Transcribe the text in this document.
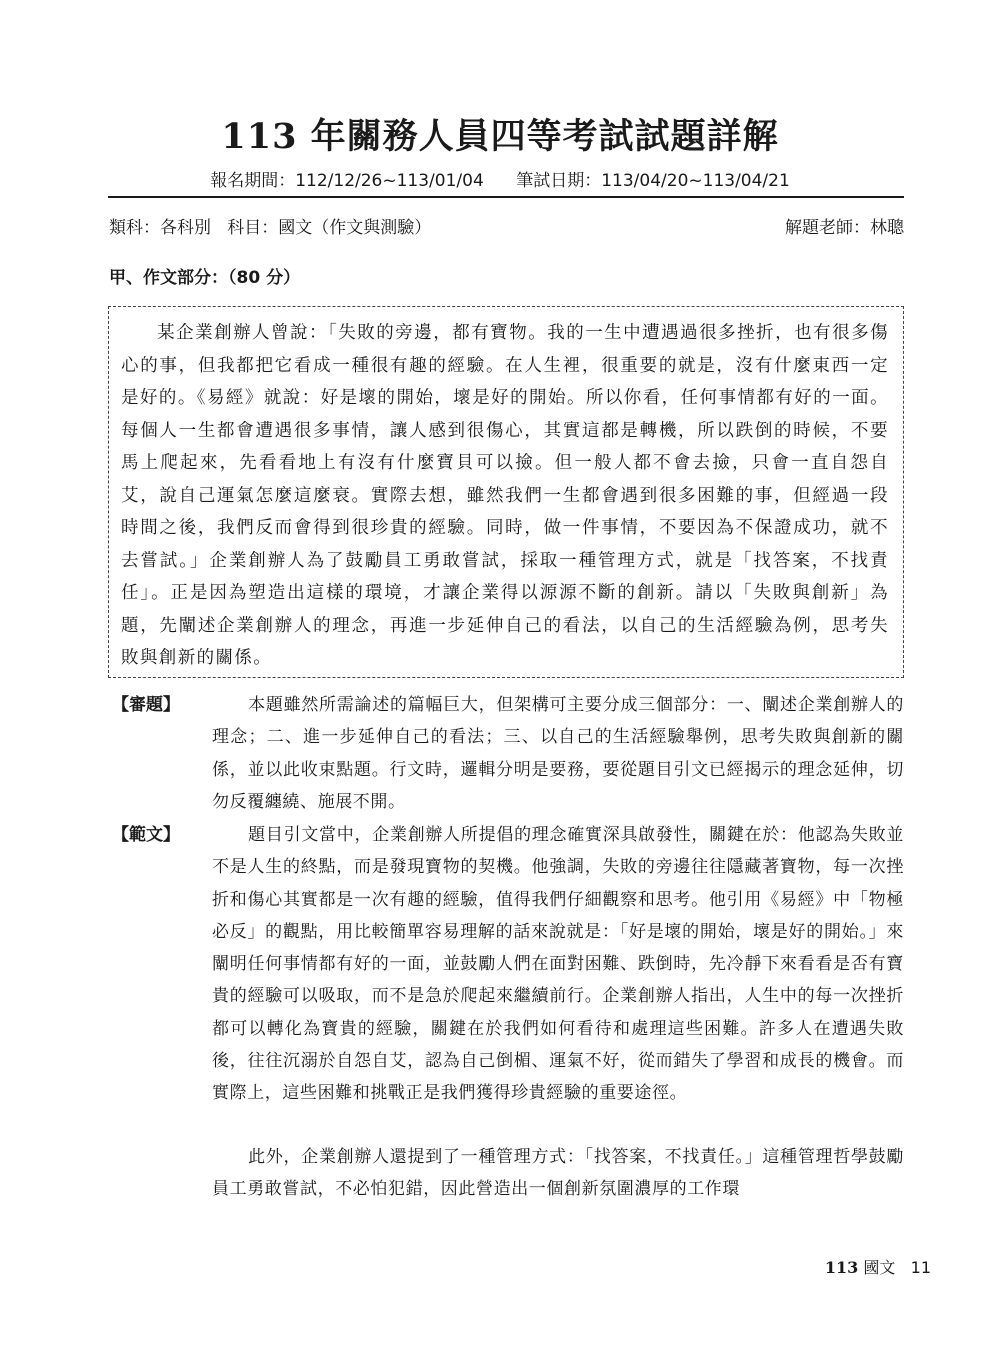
113 年關務人員四等考試試題詳解
報名期間：112/12/26~113/01/04 筆試日期：113/04/20~113/04/21
類科：各科別 科目：國文（作文與測驗）	解題老師：林聰
甲、作文部分：（80 分）
某企業創辦人曾說：「失敗的旁邊，都有寶物。我的一生中遭遇過很多挫折，也有很多傷心的事，但我都把它看成一種很有趣的經驗。在人生裡，很重要的就是，沒有什麼東西一定是好的。《易經》就說：好是壞的開始，壞是好的開始。所以你看，任何事情都有好的一面。每個人一生都會遭遇很多事情，讓人感到很傷心，其實這都是轉機，所以跌倒的時候，不要馬上爬起來，先看看地上有沒有什麼寶貝可以撿。但一般人都不會去撿，只會一直自怨自艾，說自己運氣怎麼這麼衰。實際去想，雖然我們一生都會遇到很多困難的事，但經過一段時間之後，我們反而會得到很珍貴的經驗。同時，做一件事情，不要因為不保證成功，就不去嘗試。」企業創辦人為了鼓勵員工勇敢嘗試，採取一種管理方式，就是「找答案，不找責任」。正是因為塑造出這樣的環境，才讓企業得以源源不斷的創新。請以「失敗與創新」為題，先闡述企業創辦人的理念，再進一步延伸自己的看法，以自己的生活經驗為例，思考失敗與創新的關係。
【審題】	本題雖然所需論述的篇幅巨大，但架構可主要分成三個部分：一、闡述企業創辦人的理念；二、進一步延伸自己的看法；三、以自己的生活經驗舉例，思考失敗與創新的關係，並以此收束點題。行文時，邏輯分明是要務，要從題目引文已經揭示的理念延伸，切勿反覆纏繞、施展不開。
【範文】	題目引文當中，企業創辦人所提倡的理念確實深具啟發性，關鍵在於：他認為失敗並不是人生的終點，而是發現寶物的契機。他強調，失敗的旁邊往往隱藏著寶物，每一次挫折和傷心其實都是一次有趣的經驗，值得我們仔細觀察和思考。他引用《易經》中「物極必反」的觀點，用比較簡單容易理解的話來說就是：「好是壞的開始，壞是好的開始。」來闡明任何事情都有好的一面，並鼓勵人們在面對困難、跌倒時，先冷靜下來看看是否有寶貴的經驗可以吸取，而不是急於爬起來繼續前行。企業創辦人指出，人生中的每一次挫折都可以轉化為寶貴的經驗，關鍵在於我們如何看待和處理這些困難。許多人在遭遇失敗後，往往沉溺於自怨自艾，認為自己倒楣、運氣不好，從而錯失了學習和成長的機會。而實際上，這些困難和挑戰正是我們獲得珍貴經驗的重要途徑。
此外，企業創辦人還提到了一種管理方式：「找答案，不找責任。」這種管理哲學鼓勵員工勇敢嘗試，不必怕犯錯，因此營造出一個創新氛圍濃厚的工作環
113 國文 11
